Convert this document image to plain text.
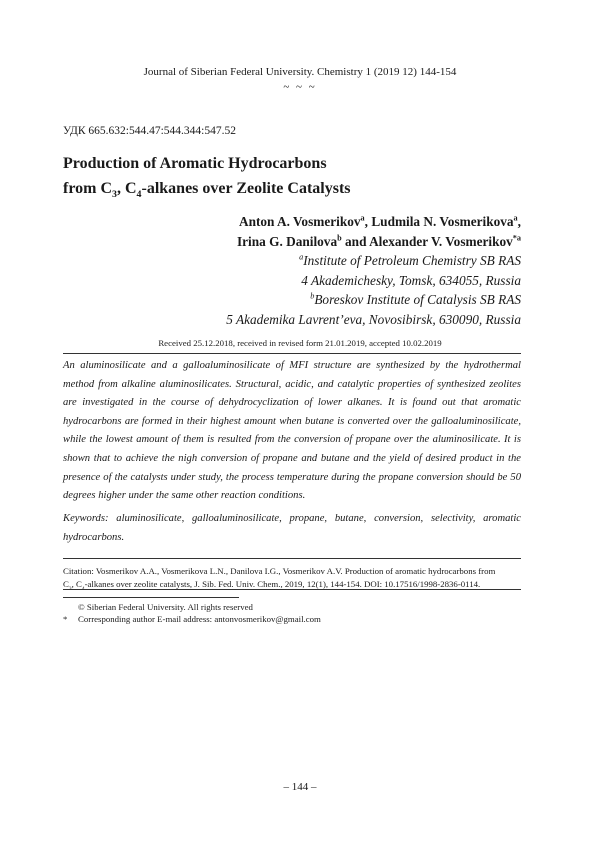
Journal of Siberian Federal University. Chemistry 1 (2019 12) 144-154
~ ~ ~
УДК 665.632:544.47:544.344:547.52
Production of Aromatic Hydrocarbons
from $C_3$, $C_4$-alkanes over Zeolite Catalysts
Anton A. Vosmerikov$^a$, Ludmila N. Vosmerikova$^a$,
Irina G. Danilova$^b$ and Alexander V. Vosmerikov$^{*a}$
$^a$Institute of Petroleum Chemistry SB RAS
4 Akademichesky, Tomsk, 634055, Russia
$^b$Boreskov Institute of Catalysis SB RAS
5 Akademika Lavrent’eva, Novosibirsk, 630090, Russia
Received 25.12.2018, received in revised form 21.01.2019, accepted 10.02.2019
An aluminosilicate and a galloaluminosilicate of MFI structure are synthesized by the hydrothermal method from alkaline aluminosilicates. Structural, acidic, and catalytic properties of synthesized zeolites are investigated in the course of dehydrocyclization of lower alkanes. It is found out that aromatic hydrocarbons are formed in their highest amount when butane is converted over the galloaluminosilicate, while the lowest amount of them is resulted from the conversion of propane over the aluminosilicate. It is shown that to achieve the nigh conversion of propane and butane and the yield of desired product in the presence of the catalysts under study, the process temperature during the propane conversion should be 50 degrees higher under the same other reaction conditions.
Keywords: aluminosilicate, galloaluminosilicate, propane, butane, conversion, selectivity, aromatic hydrocarbons.
Citation: Vosmerikov A.A., Vosmerikova L.N., Danilova I.G., Vosmerikov A.V. Production of aromatic hydrocarbons from
$C_3$, $C_4$-alkanes over zeolite catalysts, J. Sib. Fed. Univ. Chem., 2019, 12(1), 144-154. DOI: 10.17516/1998-2836-0114.
© Siberian Federal University. All rights reserved
*	Corresponding author E-mail address: antonvosmerikov@gmail.com
– 144 –
